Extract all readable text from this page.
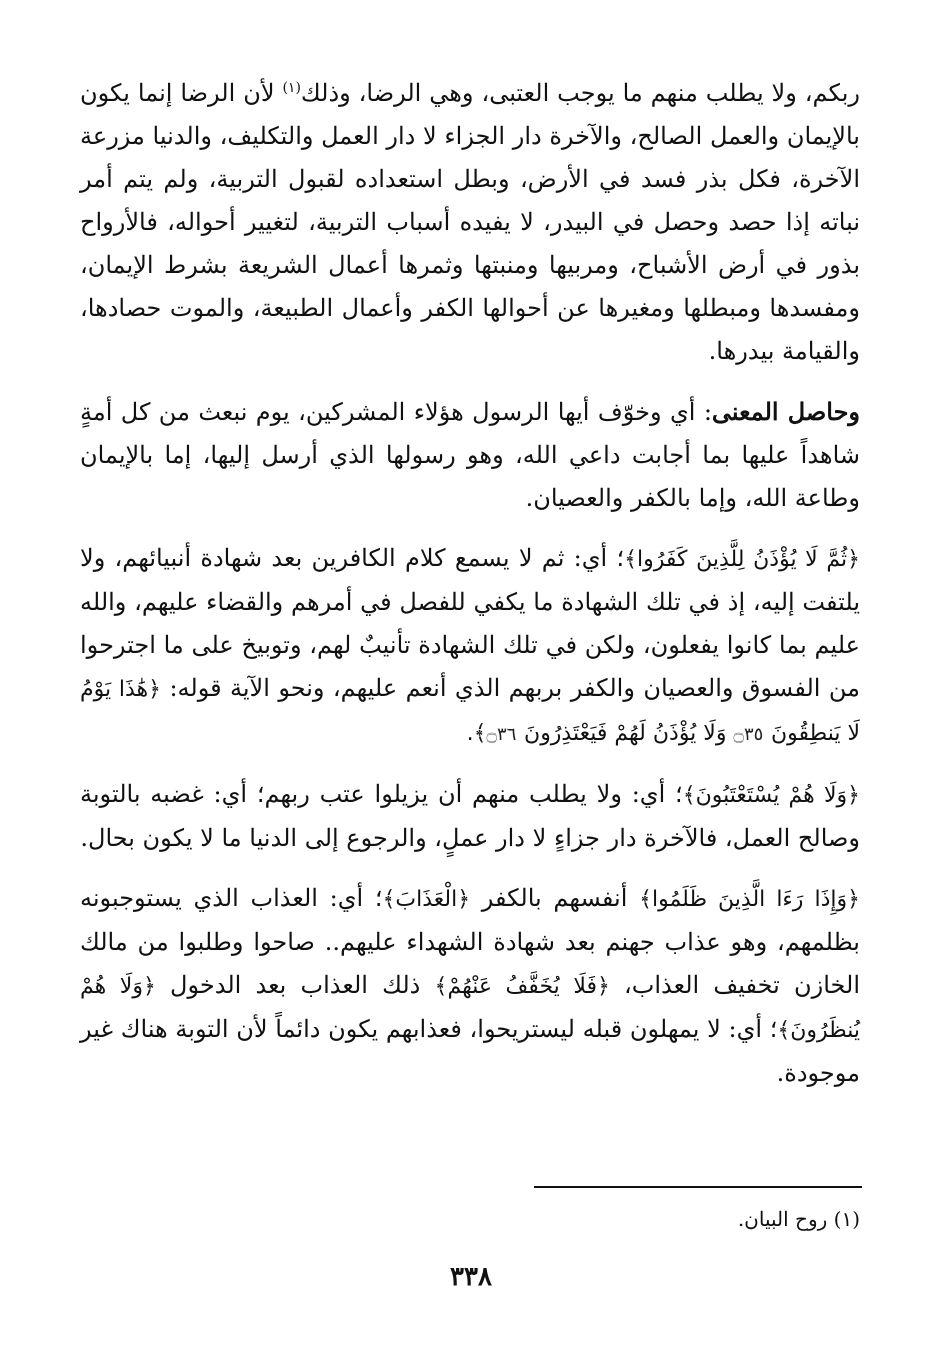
ربكم، ولا يطلب منهم ما يوجب العتبى، وهي الرضا، وذلك$^{(١)}$ لأن الرضا إنما يكون بالإيمان والعمل الصالح، والآخرة دار الجزاء لا دار العمل والتكليف، والدنيا مزرعة الآخرة، فكل بذر فسد في الأرض، وبطل استعداده لقبول التربية، ولم يتم أمر نباته إذا حصد وحصل في البيدر، لا يفيده أسباب التربية، لتغيير أحواله، فالأرواح بذور في أرض الأشباح، ومربيها ومنبتها وثمرها أعمال الشريعة بشرط الإيمان، ومفسدها ومبطلها ومغيرها عن أحوالها الكفر وأعمال الطبيعة، والموت حصادها، والقيامة بيدرها.

وحاصل المعنى: أي وخوّف أيها الرسول هؤلاء المشركين، يوم نبعث من كل أمةٍ شاهداً عليها بما أجابت داعي الله، وهو رسولها الذي أرسل إليها، إما بالإيمان وطاعة الله، وإما بالكفر والعصيان.

﴿ثُمَّ لَا يُؤْذَنُ لِلَّذِينَ كَفَرُوا﴾؛ أي: ثم لا يسمع كلام الكافرين بعد شهادة أنبيائهم، ولا يلتفت إليه، إذ في تلك الشهادة ما يكفي للفصل في أمرهم والقضاء عليهم، والله عليم بما كانوا يفعلون، ولكن في تلك الشهادة تأنيبٌ لهم، وتوبيخ على ما اجترحوا من الفسوق والعصيان والكفر بربهم الذي أنعم عليهم، ونحو الآية قوله: ﴿هَٰذَا يَوْمُ لَا يَنطِقُونَ ۝٣٥ وَلَا يُؤْذَنُ لَهُمْ فَيَعْتَذِرُونَ ۝٣٦﴾.

﴿وَلَا هُمْ يُسْتَعْتَبُونَ﴾؛ أي: ولا يطلب منهم أن يزيلوا عتب ربهم؛ أي: غضبه بالتوبة وصالح العمل، فالآخرة دار جزاءٍ لا دار عملٍ، والرجوع إلى الدنيا ما لا يكون بحال.

﴿وَإِذَا رَءَا الَّذِينَ ظَلَمُوا﴾ أنفسهم بالكفر ﴿الْعَذَابَ﴾؛ أي: العذاب الذي يستوجبونه بظلمهم، وهو عذاب جهنم بعد شهادة الشهداء عليهم.. صاحوا وطلبوا من مالك الخازن تخفيف العذاب، ﴿فَلَا يُخَفَّفُ عَنْهُمْ﴾ ذلك العذاب بعد الدخول ﴿وَلَا هُمْ يُنظَرُونَ﴾؛ أي: لا يمهلون قبله ليستريحوا، فعذابهم يكون دائماً لأن التوبة هناك غير موجودة.

(١) روح البيان.
٣٣٨
